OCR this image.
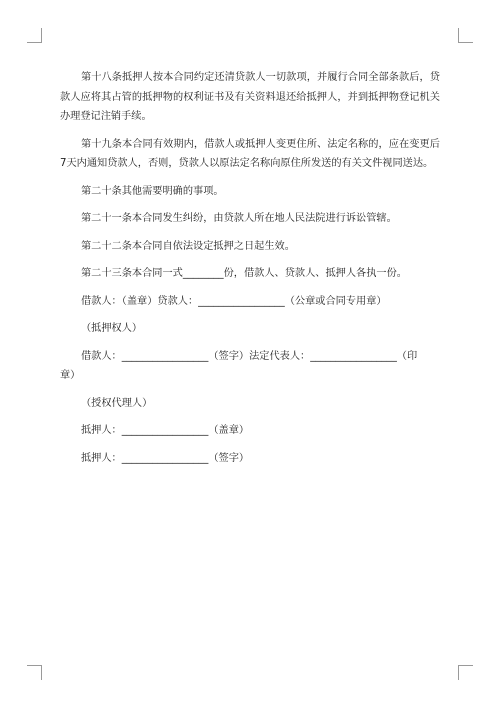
第十八条抵押人按本合同约定还清贷款人一切款项，并履行合同全部条款后，贷款人应将其占管的抵押物的权利证书及有关资料退还给抵押人，并到抵押物登记机关办理登记注销手续。

第十九条本合同有效期内，借款人或抵押人变更住所、法定名称的，应在变更后7天内通知贷款人，否则，贷款人以原法定名称向原住所发送的有关文件视同送达。

第二十条其他需要明确的事项。

第二十一条本合同发生纠纷，由贷款人所在地人民法院进行诉讼管辖。

第二十二条本合同自依法设定抵押之日起生效。

第二十三条本合同一式________份，借款人、贷款人、抵押人各执一份。

借款人：（盖章）贷款人：_________________（公章或合同专用章）
（抵押权人）
借款人：_________________（签字）法定代表人：_________________（印
章）
（授权代理人）
抵押人：_________________（盖章）
抵押人：_________________（签字）
